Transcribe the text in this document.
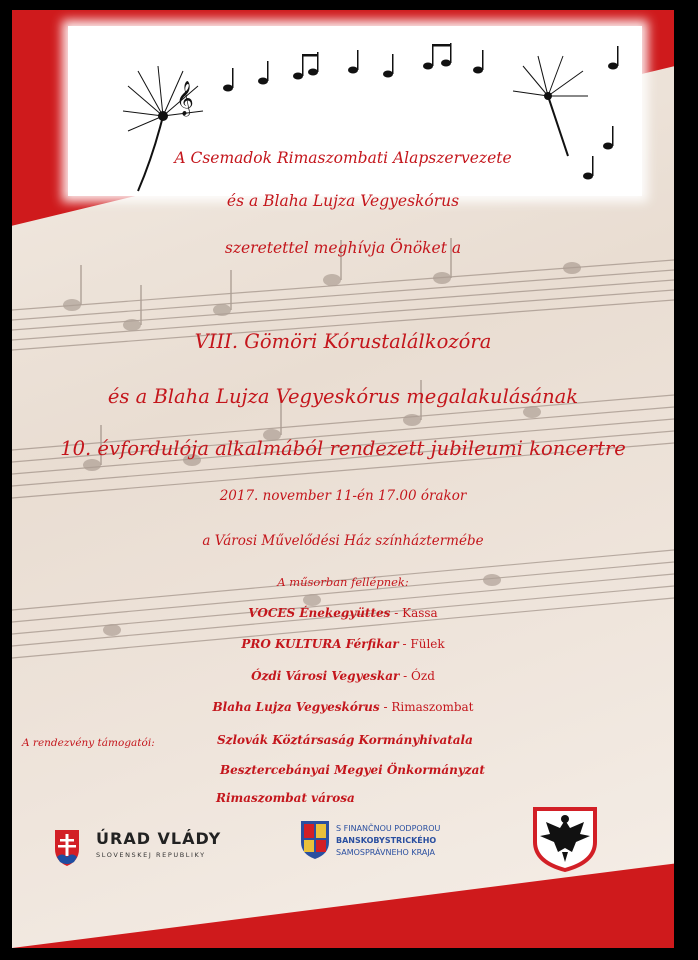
𝄞
A Csemadok Rimaszombati Alapszervezete
és a Blaha Lujza Vegyeskórus
szeretettel meghívja Önöket a
VIII. Gömöri Kórustalálkozóra
és a Blaha Lujza Vegyeskórus megalakulásának
10. évfordulója alkalmából rendezett jubileumi koncertre
2017. november 11-én 17.00 órakor
a Városi Művelődési Ház színháztermébe
A műsorban fellépnek:
VOCES Énekegyüttes - Kassa
PRO KULTURA Férfikar - Fülek
Ózdi Városi Vegyeskar - Ózd
Blaha Lujza Vegyeskórus - Rimaszombat
A rendezvény támogatói:	Szlovák Köztársaság Kormányhivatala
Besztercebányai Megyei Önkormányzat
Rimaszombat városa
ÚRAD VLÁDY
SLOVENSKEJ REPUBLIKY
S FINANČNOU PODPOROU
BANSKOBYSTRICKÉHO
SAMOSPRÁVNEHO KRAJA
